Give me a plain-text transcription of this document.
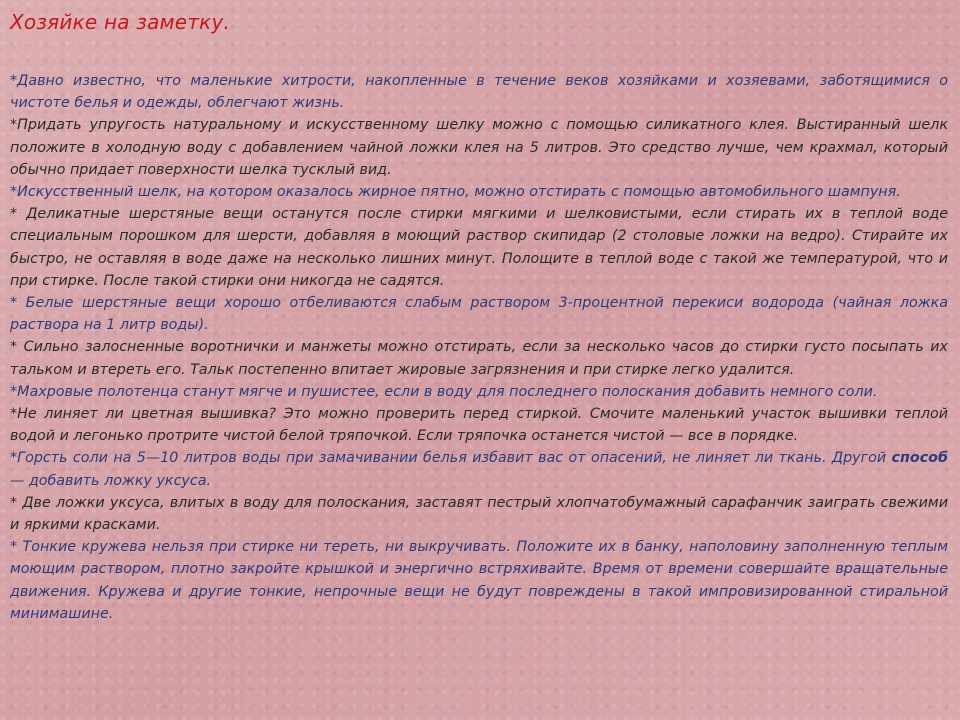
Хозяйке на заметку.

*Давно известно, что маленькие хитрости, накопленные в течение веков хозяйками и хозяевами, заботящимися о чистоте белья и одежды, облегчают жизнь.

*Придать упругость натуральному и искусственному шелку можно с помощью силикатного клея. Выстиранный шелк положите в холодную воду с добавлением чайной ложки клея на 5 литров. Это средство лучше, чем крахмал, который обычно придает поверхности шелка тусклый вид.

*Искусственный шелк, на котором оказалось жирное пятно, можно отстирать с помощью автомобильного шампуня.

* Деликатные шерстяные вещи останутся после стирки мягкими и шелковистыми, если стирать их в теплой воде специальным порошком для шерсти, добавляя в моющий раствор скипидар (2 столовые ложки на ведро). Стирайте их быстро, не оставляя в воде даже на несколько лишних минут. Полощите в теплой воде с такой же температурой, что и при стирке. После такой стирки они никогда не садятся.

* Белые шерстяные вещи хорошо отбеливаются слабым раствором 3-процентной перекиси водорода (чайная ложка раствора на 1 литр воды).

* Сильно залосненные воротнички и манжеты можно отстирать, если за несколько часов до стирки густо посыпать их тальком и втереть его. Тальк постепенно впитает жировые загрязнения и при стирке легко удалится.

*Махровые полотенца станут мягче и пушистее, если в воду для последнего полоскания добавить немного соли.

*Не линяет ли цветная вышивка? Это можно проверить перед стиркой. Смочите маленький участок вышивки теплой водой и легонько протрите чистой белой тряпочкой. Если тряпочка останется чистой — все в порядке.

*Горсть соли на 5—10 литров воды при замачивании белья избавит вас от опасений, не линяет ли ткань. Другой способ — добавить ложку уксуса.

* Две ложки уксуса, влитых в воду для полоскания, заставят пестрый хлопчатобумажный сарафанчик заиграть свежими и яркими красками.

* Тонкие кружева нельзя при стирке ни тереть, ни выкручивать. Положите их в банку, наполовину заполненную теплым моющим раствором, плотно закройте крышкой и энергично встряхивайте. Время от времени совершайте вращательные движения. Кружева и другие тонкие, непрочные вещи не будут повреждены в такой импровизированной стиральной минимашине.
